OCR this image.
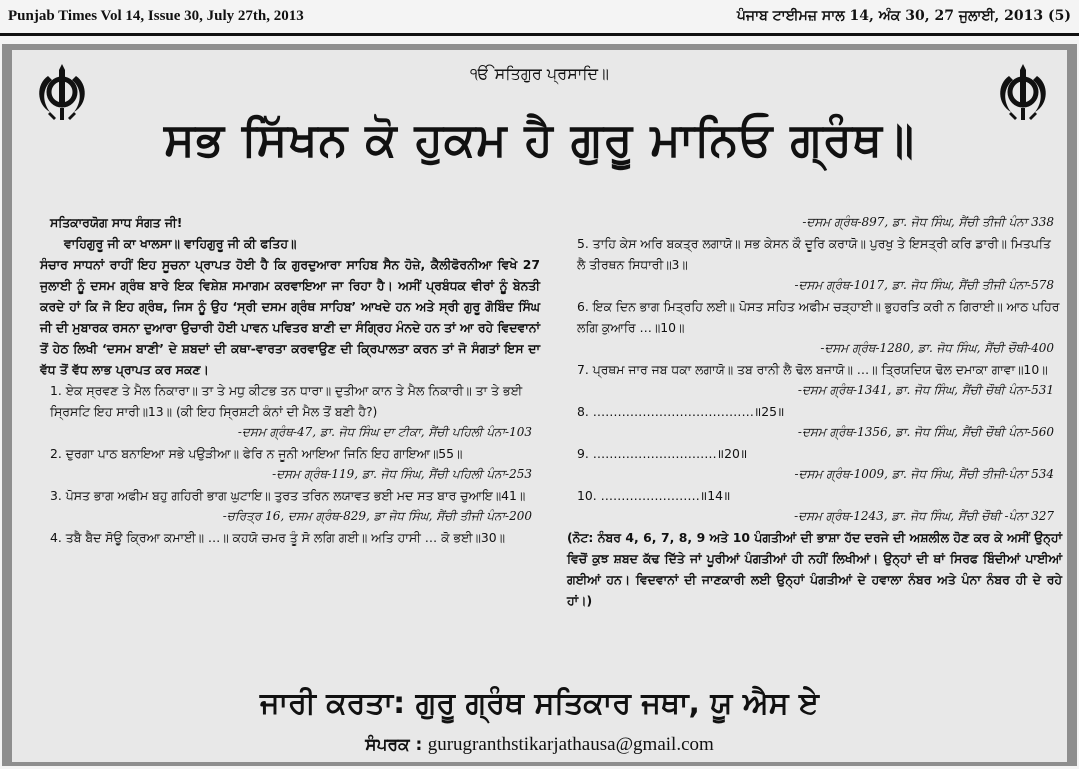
Punjab Times Vol 14, Issue 30, July 27th, 2013	ਪੰਜਾਬ ਟਾਈਮਜ਼ ਸਾਲ 14, ਅੰਕ 30, 27 ਜੁਲਾਈ, 2013 (5)
ੴ ਸਤਿਗੁਰ ਪ੍ਰਸਾਦਿ॥
ਸਭ ਸਿੱਖਨ ਕੋ ਹੁਕਮ ਹੈ ਗੁਰੂ ਮਾਨਿਓ ਗ੍ਰੰਥ॥

ਸਤਿਕਾਰਯੋਗ ਸਾਧ ਸੰਗਤ ਜੀ!

ਵਾਹਿਗੁਰੂ ਜੀ ਕਾ ਖਾਲਸਾ॥ ਵਾਹਿਗੁਰੂ ਜੀ ਕੀ ਫਤਿਹ॥

ਸੰਚਾਰ ਸਾਧਨਾਂ ਰਾਹੀਂ ਇਹ ਸੂਚਨਾ ਪ੍ਰਾਪਤ ਹੋਈ ਹੈ ਕਿ ਗੁਰਦੁਆਰਾ ਸਾਹਿਬ ਸੈਨ ਹੋਜ਼ੇ, ਕੈਲੀਫੋਰਨੀਆ ਵਿਖੇ 27 ਜੁਲਾਈ ਨੂੰ ਦਸਮ ਗ੍ਰੰਥ ਬਾਰੇ ਇਕ ਵਿਸ਼ੇਸ਼ ਸਮਾਗਮ ਕਰਵਾਇਆ ਜਾ ਰਿਹਾ ਹੈ। ਅਸੀਂ ਪ੍ਰਬੰਧਕ ਵੀਰਾਂ ਨੂੰ ਬੇਨਤੀ ਕਰਦੇ ਹਾਂ ਕਿ ਜੋ ਇਹ ਗ੍ਰੰਥ, ਜਿਸ ਨੂੰ ਉਹ ‘ਸ੍ਰੀ ਦਸਮ ਗ੍ਰੰਥ ਸਾਹਿਬ’ ਆਖਦੇ ਹਨ ਅਤੇ ਸ੍ਰੀ ਗੁਰੂ ਗੋਬਿੰਦ ਸਿੰਘ ਜੀ ਦੀ ਮੁਬਾਰਕ ਰਸਨਾ ਦੁਆਰਾ ਉਚਾਰੀ ਹੋਈ ਪਾਵਨ ਪਵਿਤਰ ਬਾਣੀ ਦਾ ਸੰਗ੍ਰਿਹ ਮੰਨਦੇ ਹਨ ਤਾਂ ਆ ਰਹੇ ਵਿਦਵਾਨਾਂ ਤੋਂ ਹੇਠ ਲਿਖੀ ‘ਦਸਮ ਬਾਣੀ’ ਦੇ ਸ਼ਬਦਾਂ ਦੀ ਕਥਾ-ਵਾਰਤਾ ਕਰਵਾਉਣ ਦੀ ਕ੍ਰਿਪਾਲਤਾ ਕਰਨ ਤਾਂ ਜੋ ਸੰਗਤਾਂ ਇਸ ਦਾ ਵੱਧ ਤੋਂ ਵੱਧ ਲਾਭ ਪ੍ਰਾਪਤ ਕਰ ਸਕਣ।

1. ਏਕ ਸ੍ਰਵਣ ਤੇ ਮੈਲ ਨਿਕਾਰਾ॥ ਤਾ ਤੇ ਮਧੁ ਕੀਟਭ ਤਨ ਧਾਰਾ॥ ਦੁਤੀਆ ਕਾਨ ਤੇ ਮੈਲ ਨਿਕਾਰੀ॥ ਤਾ ਤੇ ਭਈ ਸ੍ਰਿਸਟਿ ਇਹ ਸਾਰੀ॥13॥ (ਕੀ ਇਹ ਸ੍ਰਿਸ਼ਟੀ ਕੰਨਾਂ ਦੀ ਮੈਲ ਤੋਂ ਬਣੀ ਹੈ?)

-ਦਸਮ ਗ੍ਰੰਥ-47, ਡਾ. ਜੋਧ ਸਿੰਘ ਦਾ ਟੀਕਾ, ਸੈਂਚੀ ਪਹਿਲੀ ਪੰਨਾ-103

2. ਦੁਰਗਾ ਪਾਠ ਬਨਾਇਆ ਸਭੇ ਪਉੜੀਆ॥ ਫੇਰਿ ਨ ਜੂਨੀ ਆਇਆ ਜਿਨਿ ਇਹ ਗਾਇਆ॥55॥

-ਦਸਮ ਗ੍ਰੰਥ-119, ਡਾ. ਜੋਧ ਸਿੰਘ, ਸੈਂਚੀ ਪਹਿਲੀ ਪੰਨਾ-253

3. ਪੋਸਤ ਭਾਗ ਅਫੀਮ ਬਹੁ ਗਹਿਰੀ ਭਾਗ ਘੁਟਾਇ॥ ਤੁਰਤ ਤਰਿਨ ਲਯਾਵਤ ਭਈ ਮਦ ਸਤ ਬਾਰ ਚੁਆਇ॥41॥

-ਚਰਿਤ੍ਰ 16, ਦਸਮ ਗ੍ਰੰਥ-829, ਡਾ ਜੋਧ ਸਿੰਘ, ਸੈਂਚੀ ਤੀਜੀ ਪੰਨਾ-200

4. ਤਬੈ ਬੈਦ ਸੋਊ ਕ੍ਰਿਆ ਕਮਾਈ॥ …॥ ਕਹਯੋ ਚਮਰ ਤੂੰ ਸੋ ਲਗਿ ਗਈ॥ ਅਤਿ ਹਾਸੀ … ਕੋ ਭਈ॥30॥

-ਦਸਮ ਗ੍ਰੰਥ-897, ਡਾ. ਜੋਧ ਸਿੰਘ, ਸੈਂਚੀ ਤੀਜੀ ਪੰਨਾ 338

5. ਤਾਹਿ ਕੇਸ ਅਰਿ ਬਕਤ੍ਰ ਲਗਾਯੋ॥ ਸਭ ਕੇਸਨ ਕੌ ਦੂਰਿ ਕਰਾਯੋ॥ ਪੁਰਖੁ ਤੇ ਇਸਤ੍ਰੀ ਕਰਿ ਡਾਰੀ॥ ਮਿਤਪਤਿ ਲੈ ਤੀਰਥਨ ਸਿਧਾਰੀ॥3॥

-ਦਸਮ ਗ੍ਰੰਥ-1017, ਡਾ. ਜੋਧ ਸਿੰਘ, ਸੈਂਚੀ ਤੀਜੀ ਪੰਨਾ-578

6. ਇਕ ਦਿਨ ਭਾਗ ਮਿਤ੍ਰਹਿ ਲਈ॥ ਪੋਸਤ ਸਹਿਤ ਅਫੀਮ ਚੜ੍ਹਾਈ॥ ਭੁਹਰਤਿ ਕਰੀ ਨ ਗਿਰਾਈ॥ ਆਠ ਪਹਿਰ ਲਗਿ ਕੁਆਰਿ …॥10॥

-ਦਸਮ ਗ੍ਰੰਥ-1280, ਡਾ. ਜੋਧ ਸਿੰਘ, ਸੈਂਚੀ ਚੌਥੀ-400

7. ਪ੍ਰਥਮ ਜਾਰ ਜਬ ਧਕਾ ਲਗਾਯੋ॥ ਤਬ ਰਾਨੀ ਲੈ ਢੋਲ ਬਜਾਯੋ॥ …॥ ਤ੍ਰਿਯਦਿਯ ਢੋਲ ਦਮਾਕਾ ਗਾਵਾ॥10॥

-ਦਸਮ ਗ੍ਰੰਥ-1341, ਡਾ. ਜੋਧ ਸਿੰਘ, ਸੈਂਚੀ ਚੌਥੀ ਪੰਨਾ-531

8. …………………………………॥25॥

-ਦਸਮ ਗ੍ਰੰਥ-1356, ਡਾ. ਜੋਧ ਸਿੰਘ, ਸੈਂਚੀ ਚੌਥੀ ਪੰਨਾ-560

9. …………………………॥20॥

-ਦਸਮ ਗ੍ਰੰਥ-1009, ਡਾ. ਜੋਧ ਸਿੰਘ, ਸੈਂਚੀ ਤੀਜੀ-ਪੰਨਾ 534

10. ……………………॥14॥

-ਦਸਮ ਗ੍ਰੰਥ-1243, ਡਾ. ਜੋਧ ਸਿੰਘ, ਸੈਂਚੀ ਚੌਥੀ -ਪੰਨਾ 327

(ਨੋਟ: ਨੰਬਰ 4, 6, 7, 8, 9 ਅਤੇ 10 ਪੰਗਤੀਆਂ ਦੀ ਭਾਸ਼ਾ ਹੱਦ ਦਰਜੇ ਦੀ ਅਸ਼ਲੀਲ ਹੋਣ ਕਰ ਕੇ ਅਸੀਂ ਉਨ੍ਹਾਂ ਵਿਚੋਂ ਕੁਝ ਸ਼ਬਦ ਕੱਢ ਦਿੱਤੇ ਜਾਂ ਪੂਰੀਆਂ ਪੰਗਤੀਆਂ ਹੀ ਨਹੀਂ ਲਿਖੀਆਂ। ਉਨ੍ਹਾਂ ਦੀ ਥਾਂ ਸਿਰਫ ਬਿੰਦੀਆਂ ਪਾਈਆਂ ਗਈਆਂ ਹਨ। ਵਿਦਵਾਨਾਂ ਦੀ ਜਾਣਕਾਰੀ ਲਈ ਉਨ੍ਹਾਂ ਪੰਗਤੀਆਂ ਦੇ ਹਵਾਲਾ ਨੰਬਰ ਅਤੇ ਪੰਨਾ ਨੰਬਰ ਹੀ ਦੇ ਰਹੇ ਹਾਂ।)

ਜਾਰੀ ਕਰਤਾ: ਗੁਰੂ ਗ੍ਰੰਥ ਸਤਿਕਾਰ ਜਥਾ, ਯੂ ਐਸ ਏ
ਸੰਪਰਕ : gurugranthstikarjathausa@gmail.com
